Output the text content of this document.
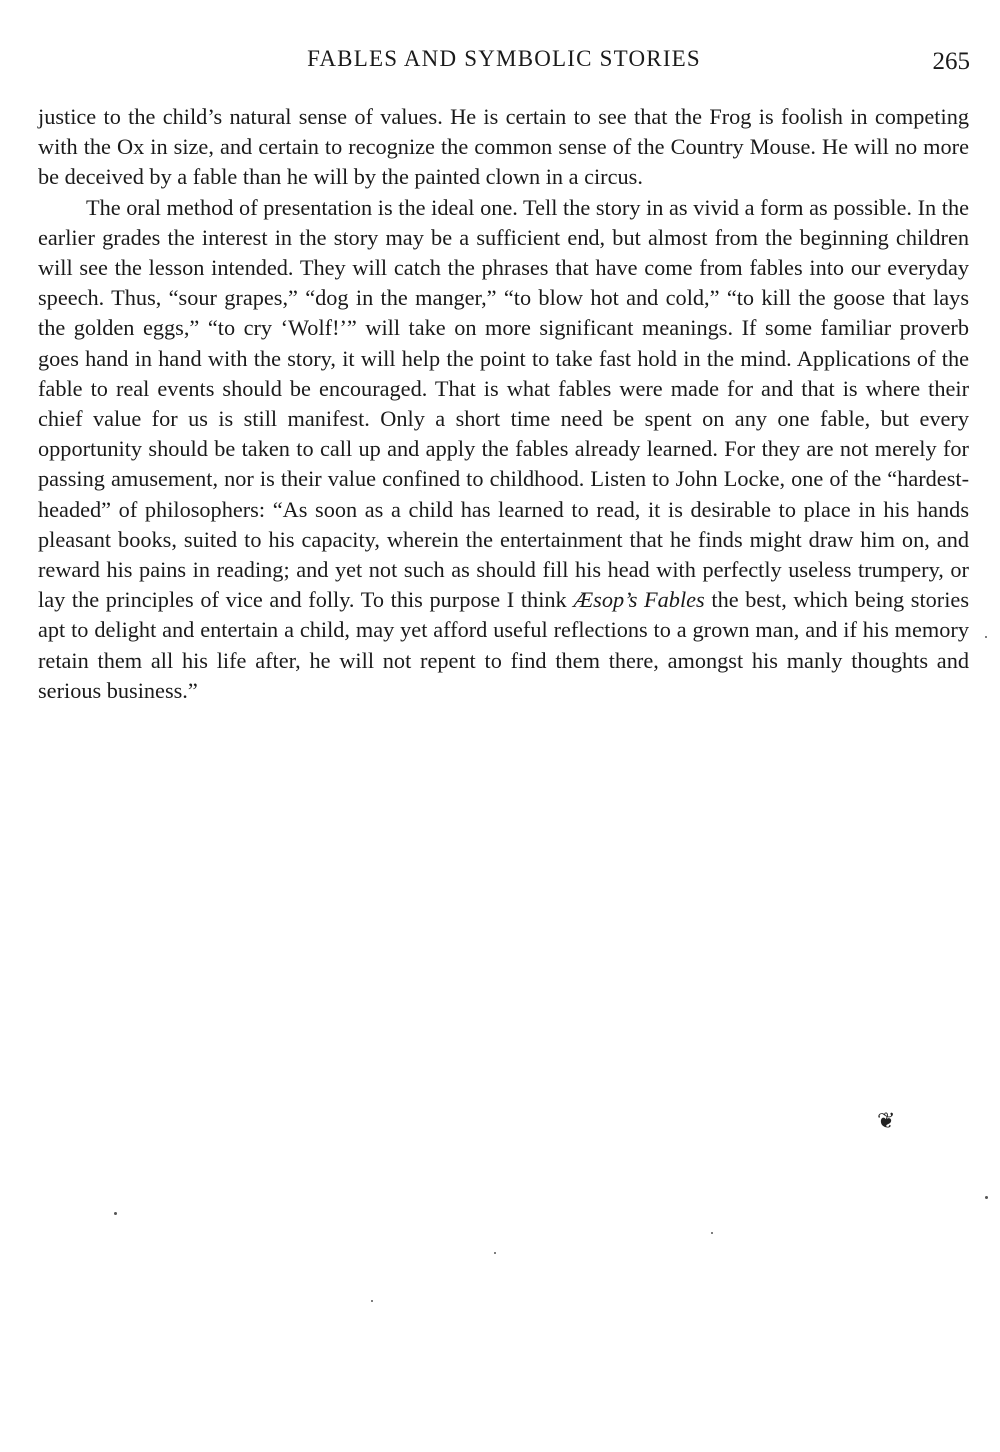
FABLES AND SYMBOLIC STORIES	265

justice to the child’s natural sense of values. He is certain to see that the Frog is foolish in competing with the Ox in size, and certain to recognize the common sense of the Country Mouse. He will no more be deceived by a fable than he will by the painted clown in a circus.

The oral method of presentation is the ideal one. Tell the story in as vivid a form as possible. In the earlier grades the interest in the story may be a sufficient end, but almost from the beginning children will see the lesson intended. They will catch the phrases that have come from fables into our everyday speech. Thus, “sour grapes,” “dog in the manger,” “to blow hot and cold,” “to kill the goose that lays the golden eggs,” “to cry ‘Wolf!’” will take on more significant meanings. If some familiar proverb goes hand in hand with the story, it will help the point to take fast hold in the mind. Applications of the fable to real events should be encouraged. That is what fables were made for and that is where their chief value for us is still manifest. Only a short time need be spent on any one fable, but every opportunity should be taken to call up and apply the fables already learned. For they are not merely for passing amusement, nor is their value confined to childhood. Listen to John Locke, one of the “hardest-headed” of philosophers: “As soon as a child has learned to read, it is desirable to place in his hands pleasant books, suited to his capacity, wherein the entertainment that he finds might draw him on, and reward his pains in reading; and yet not such as should fill his head with perfectly useless trumpery, or lay the principles of vice and folly. To this purpose I think Æsop’s Fables the best, which being stories apt to delight and entertain a child, may yet afford useful reflections to a grown man, and if his memory retain them all his life after, he will not repent to find them there, amongst his manly thoughts and serious business.”

❦
